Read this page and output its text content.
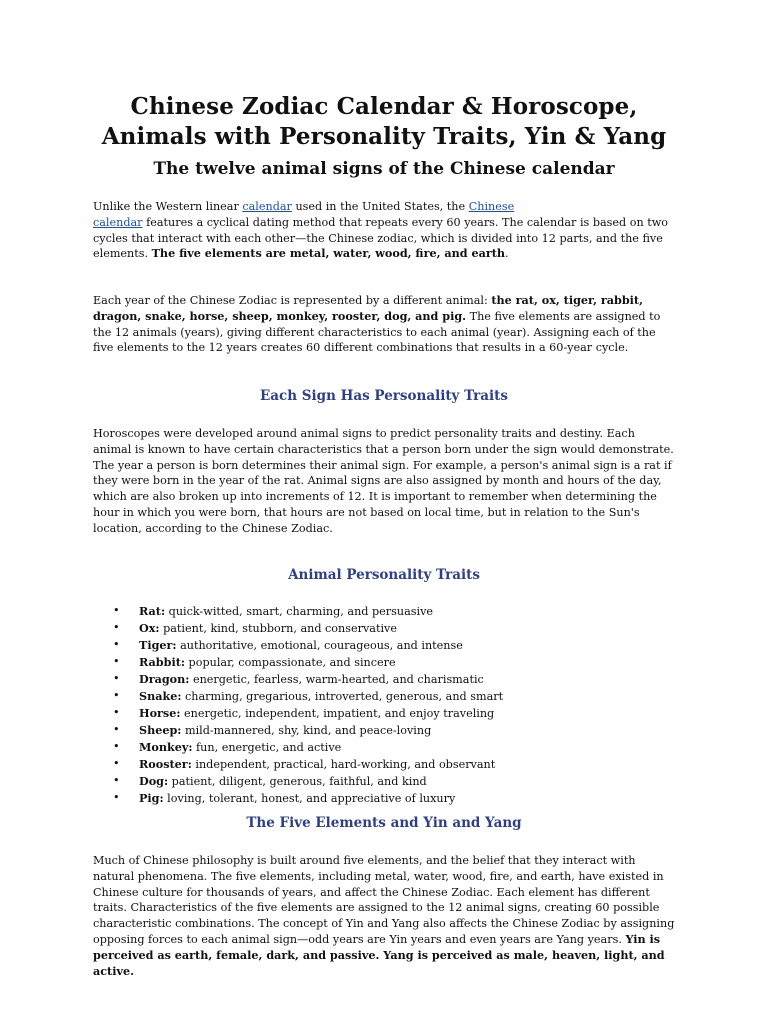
Chinese Zodiac Calendar & Horoscope,
Animals with Personality Traits, Yin & Yang
The twelve animal signs of the Chinese calendar

Unlike the Western linear calendar used in the United States, the Chinese
calendar features a cyclical dating method that repeats every 60 years. The calendar is based on two cycles that interact with each other—the Chinese zodiac, which is divided into 12 parts, and the five elements. The five elements are metal, water, wood, fire, and earth.

Each year of the Chinese Zodiac is represented by a different animal: the rat, ox, tiger, rabbit, dragon, snake, horse, sheep, monkey, rooster, dog, and pig. The five elements are assigned to the 12 animals (years), giving different characteristics to each animal (year). Assigning each of the five elements to the 12 years creates 60 different combinations that results in a 60-year cycle.

Each Sign Has Personality Traits

Horoscopes were developed around animal signs to predict personality traits and destiny. Each animal is known to have certain characteristics that a person born under the sign would demonstrate. The year a person is born determines their animal sign. For example, a person's animal sign is a rat if they were born in the year of the rat. Animal signs are also assigned by month and hours of the day, which are also broken up into increments of 12. It is important to remember when determining the hour in which you were born, that hours are not based on local time, but in relation to the Sun's location, according to the Chinese Zodiac.

Animal Personality Traits
• Rat: quick-witted, smart, charming, and persuasive
• Ox: patient, kind, stubborn, and conservative
• Tiger: authoritative, emotional, courageous, and intense
• Rabbit: popular, compassionate, and sincere
• Dragon: energetic, fearless, warm-hearted, and charismatic
• Snake: charming, gregarious, introverted, generous, and smart
• Horse: energetic, independent, impatient, and enjoy traveling
• Sheep: mild-mannered, shy, kind, and peace-loving
• Monkey: fun, energetic, and active
• Rooster: independent, practical, hard-working, and observant
• Dog: patient, diligent, generous, faithful, and kind
• Pig: loving, tolerant, honest, and appreciative of luxury
The Five Elements and Yin and Yang

Much of Chinese philosophy is built around five elements, and the belief that they interact with natural phenomena. The five elements, including metal, water, wood, fire, and earth, have existed in Chinese culture for thousands of years, and affect the Chinese Zodiac. Each element has different traits. Characteristics of the five elements are assigned to the 12 animal signs, creating 60 possible characteristic combinations. The concept of Yin and Yang also affects the Chinese Zodiac by assigning opposing forces to each animal sign—odd years are Yin years and even years are Yang years. Yin is perceived as earth, female, dark, and passive. Yang is perceived as male, heaven, light, and active.
